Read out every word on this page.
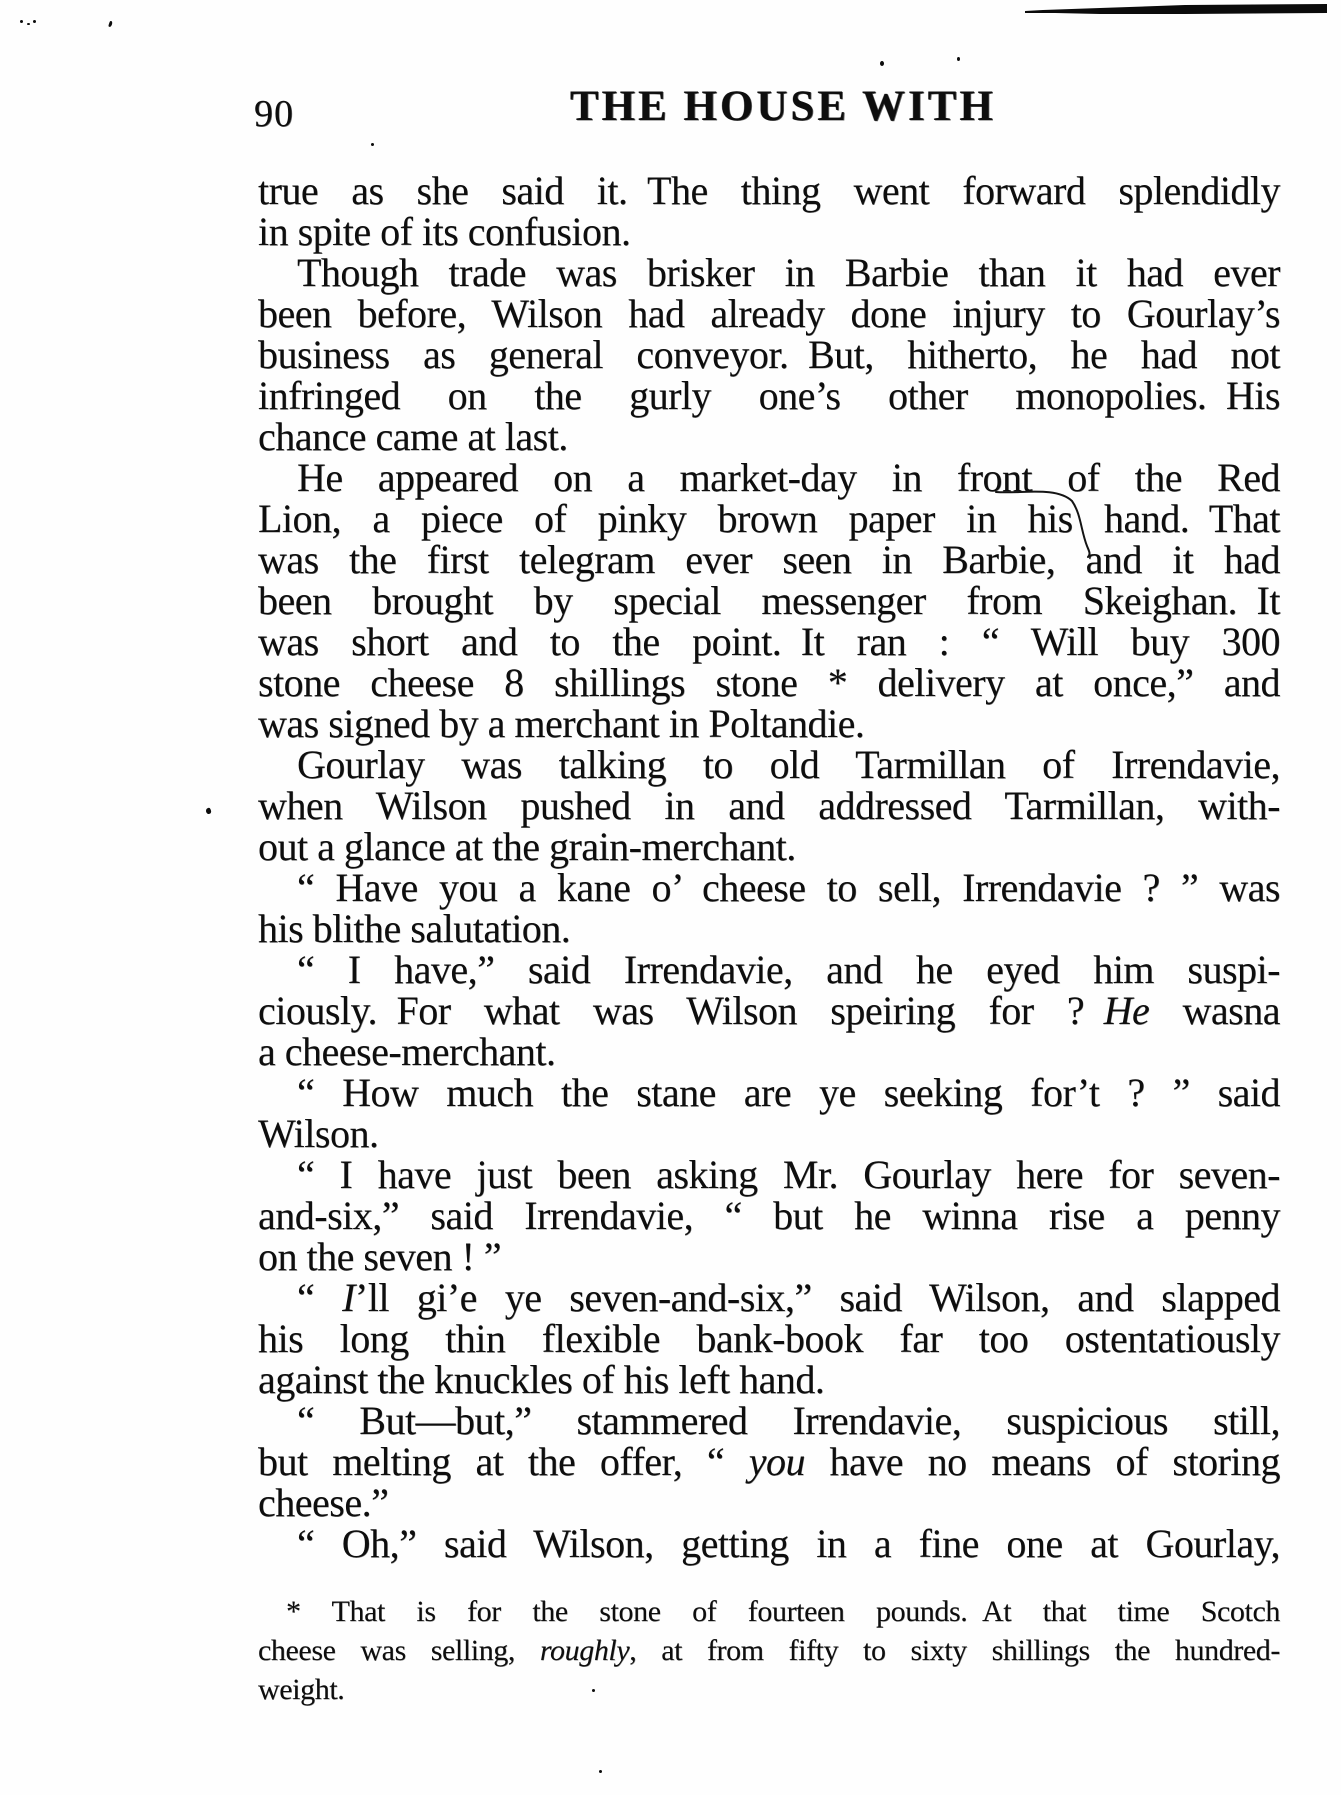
90	THE HOUSE WITH
true as she said it. The thing went forward splendidly
in spite of its confusion.
Though trade was brisker in Barbie than it had ever
been before, Wilson had already done injury to Gourlay’s
business as general conveyor. But, hitherto, he had not
infringed on the gurly one’s other monopolies. His
chance came at last.
He appeared on a market-day in front of the Red
Lion, a piece of pinky brown paper in his hand. That
was the first telegram ever seen in Barbie, and it had
been brought by special messenger from Skeighan. It
was short and to the point. It ran : “ Will buy 300
stone cheese 8 shillings stone * delivery at once,” and
was signed by a merchant in Poltandie.
Gourlay was talking to old Tarmillan of Irrendavie,
when Wilson pushed in and addressed Tarmillan, with-
out a glance at the grain-merchant.
“ Have you a kane o’ cheese to sell, Irrendavie ? ” was
his blithe salutation.
“ I have,” said Irrendavie, and he eyed him suspi-
ciously. For what was Wilson speiring for ? He wasna
a cheese-merchant.
“ How much the stane are ye seeking for’t ? ” said
Wilson.
“ I have just been asking Mr. Gourlay here for seven-
and-six,” said Irrendavie, “ but he winna rise a penny
on the seven ! ”
“ I’ll gi’e ye seven-and-six,” said Wilson, and slapped
his long thin flexible bank-book far too ostentatiously
against the knuckles of his left hand.
“ But—but,” stammered Irrendavie, suspicious still,
but melting at the offer, “ you have no means of storing
cheese.”
“ Oh,” said Wilson, getting in a fine one at Gourlay,
* That is for the stone of fourteen pounds. At that time Scotch
cheese was selling, roughly, at from fifty to sixty shillings the hundred-
weight.
